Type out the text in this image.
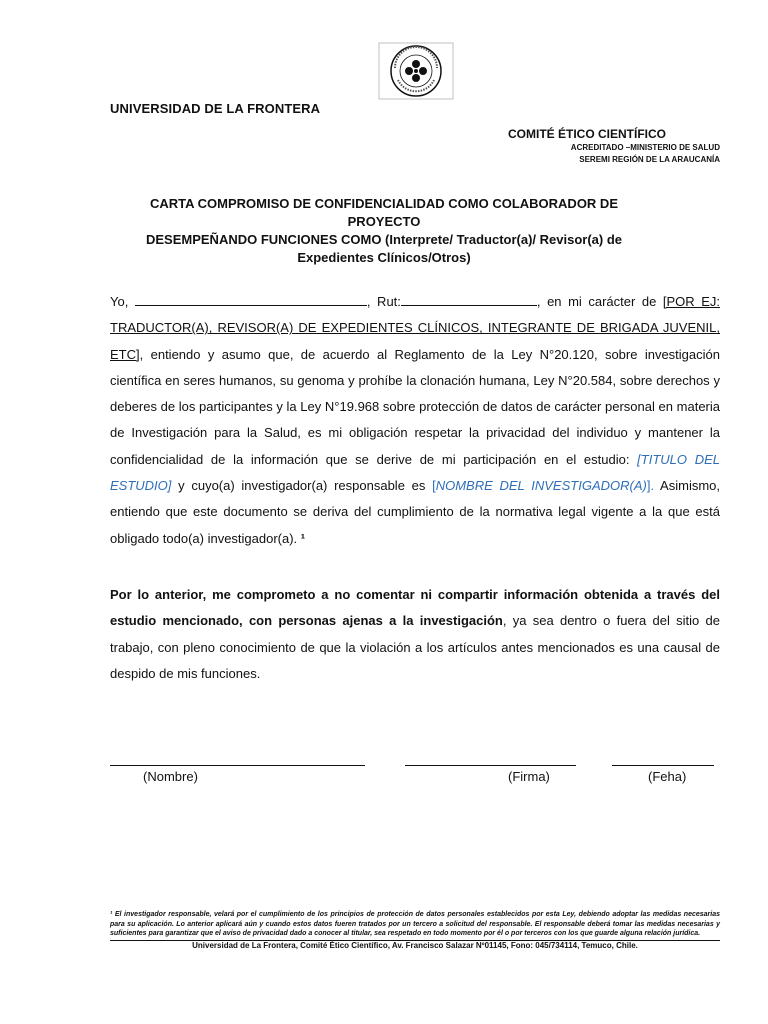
UNIVERSIDAD DE LA FRONTERA
COMITÉ ÉTICO CIENTÍFICO
ACREDITADO –MINISTERIO DE SALUD
SEREMI REGIÓN DE LA ARAUCANÍA
CARTA COMPROMISO DE CONFIDENCIALIDAD COMO COLABORADOR DE PROYECTO
DESEMPEÑANDO FUNCIONES COMO (Interprete/ Traductor(a)/ Revisor(a) de Expedientes Clínicos/Otros)
Yo,	, Rut:	, en mi carácter de [POR EJ: TRADUCTOR(A), REVISOR(A) DE EXPEDIENTES CLÍNICOS, INTEGRANTE DE BRIGADA JUVENIL, ETC], entiendo y asumo que, de acuerdo al Reglamento de la Ley N°20.120, sobre investigación científica en seres humanos, su genoma y prohíbe la clonación humana, Ley N°20.584, sobre derechos y deberes de los participantes y la Ley N°19.968 sobre protección de datos de carácter personal en materia de Investigación para la Salud, es mi obligación respetar la privacidad del individuo y mantener la confidencialidad de la información que se derive de mi participación en el estudio: [TITULO DEL ESTUDIO] y cuyo(a) investigador(a) responsable es [NOMBRE DEL INVESTIGADOR(A)]. Asimismo, entiendo que este documento se deriva del cumplimiento de la normativa legal vigente a la que está obligado todo(a) investigador(a). ¹
Por lo anterior, me comprometo a no comentar ni compartir información obtenida a través del estudio mencionado, con personas ajenas a la investigación, ya sea dentro o fuera del sitio de trabajo, con pleno conocimiento de que la violación a los artículos antes mencionados es una causal de despido de mis funciones.
(Nombre)	(Firma)	(Feha)
¹ El investigador responsable, velará por el cumplimiento de los principios de protección de datos personales establecidos por esta Ley, debiendo adoptar las medidas necesarias para su aplicación. Lo anterior aplicará aún y cuando estos datos fueren tratados por un tercero a solicitud del responsable. El responsable deberá tomar las medidas necesarias y suficientes para garantizar que el aviso de privacidad dado a conocer al titular, sea respetado en todo momento por él o por terceros con los que guarde alguna relación jurídica.
Universidad de La Frontera, Comité Ético Científico, Av. Francisco Salazar Nº01145, Fono: 045/734114, Temuco, Chile.
